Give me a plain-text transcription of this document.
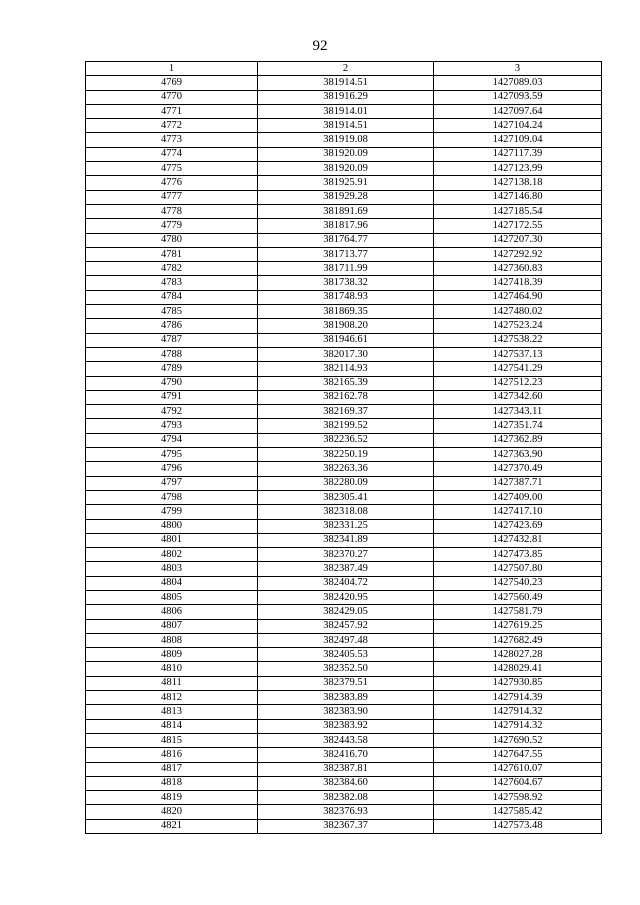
92
1	2	3
4769	381914.51	1427089.03
4770	381916.29	1427093.59
4771	381914.01	1427097.64
4772	381914.51	1427104.24
4773	381919.08	1427109.04
4774	381920.09	1427117.39
4775	381920.09	1427123.99
4776	381925.91	1427138.18
4777	381929.28	1427146.80
4778	381891.69	1427185.54
4779	381817.96	1427172.55
4780	381764.77	1427207.30
4781	381713.77	1427292.92
4782	381711.99	1427360.83
4783	381738.32	1427418.39
4784	381748.93	1427464.90
4785	381869.35	1427480.02
4786	381908.20	1427523.24
4787	381946.61	1427538.22
4788	382017.30	1427537.13
4789	382114.93	1427541.29
4790	382165.39	1427512.23
4791	382162.78	1427342.60
4792	382169.37	1427343.11
4793	382199.52	1427351.74
4794	382236.52	1427362.89
4795	382250.19	1427363.90
4796	382263.36	1427370.49
4797	382280.09	1427387.71
4798	382305.41	1427409.00
4799	382318.08	1427417.10
4800	382331.25	1427423.69
4801	382341.89	1427432.81
4802	382370.27	1427473.85
4803	382387.49	1427507.80
4804	382404.72	1427540.23
4805	382420.95	1427560.49
4806	382429.05	1427581.79
4807	382457.92	1427619.25
4808	382497.48	1427682.49
4809	382405.53	1428027.28
4810	382352.50	1428029.41
4811	382379.51	1427930.85
4812	382383.89	1427914.39
4813	382383.90	1427914.32
4814	382383.92	1427914.32
4815	382443.58	1427690.52
4816	382416.70	1427647.55
4817	382387.81	1427610.07
4818	382384.60	1427604.67
4819	382382.08	1427598.92
4820	382376.93	1427585.42
4821	382367.37	1427573.48
